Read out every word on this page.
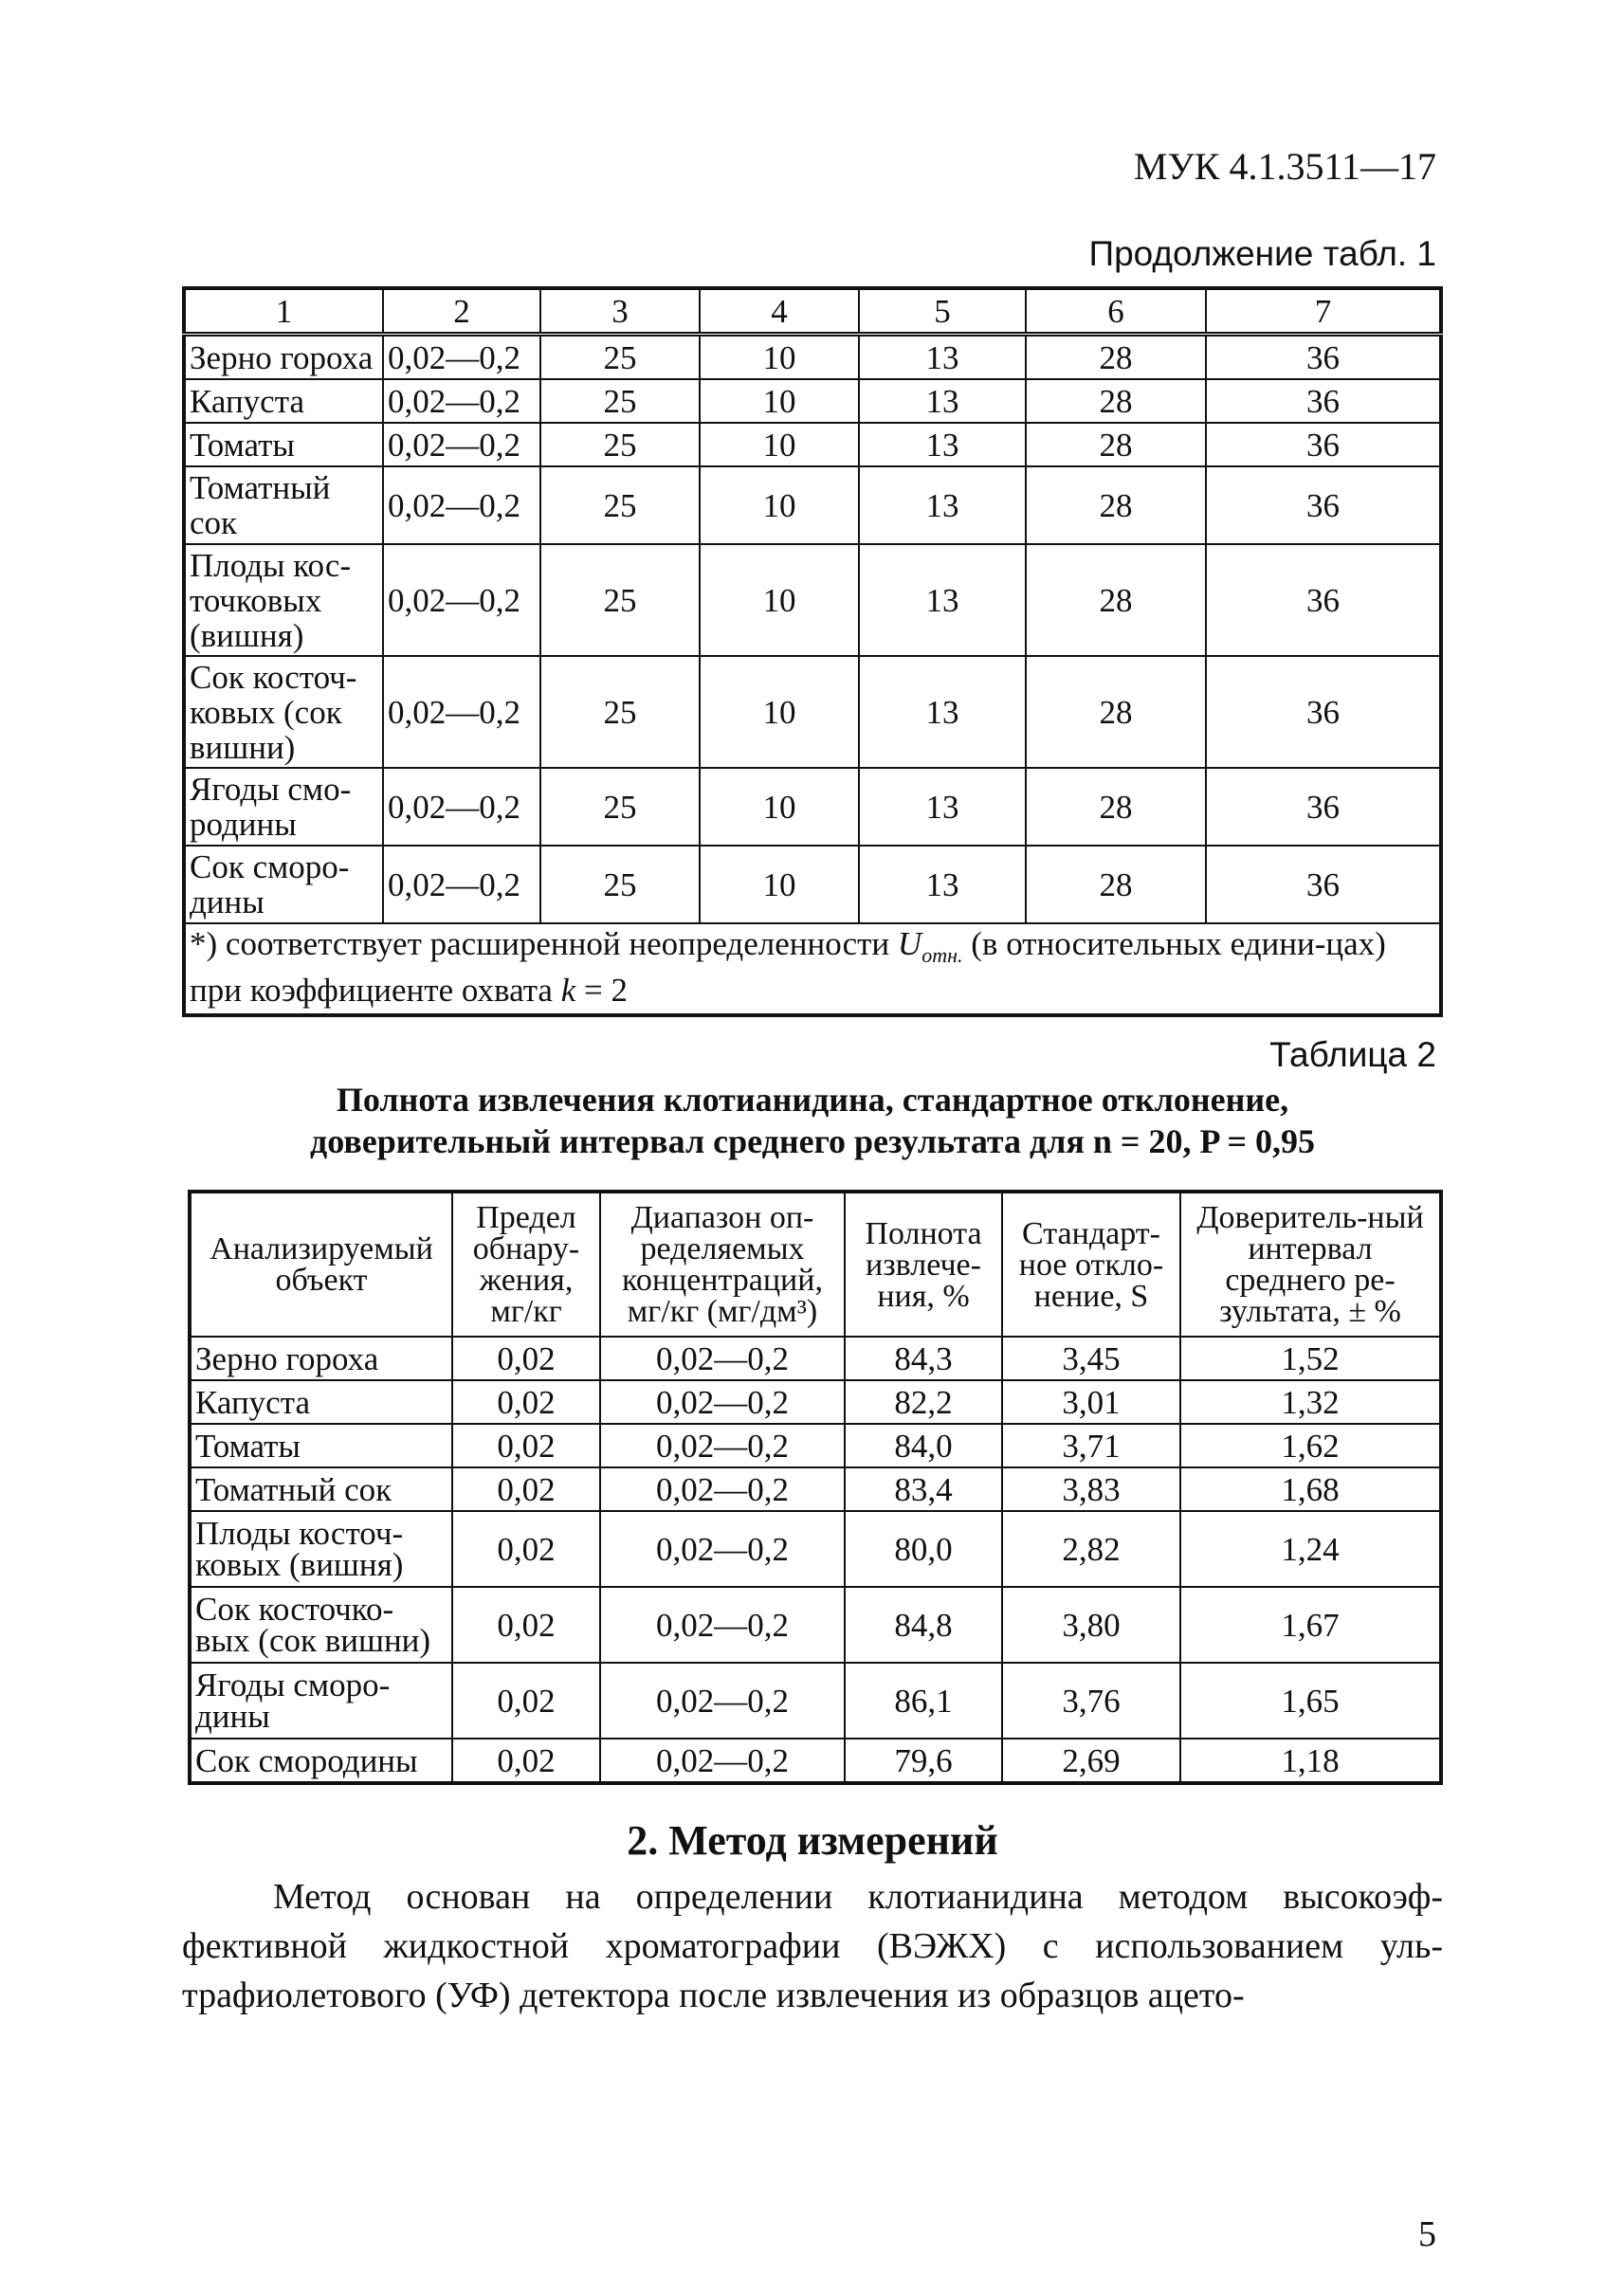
МУК 4.1.3511—17
Продолжение табл. 1
1	2	3	4	5	6	7
Зерно гороха	0,02—0,2	25	10	13	28	36
Капуста	0,02—0,2	25	10	13	28	36
Томаты	0,02—0,2	25	10	13	28	36
Томатный сок	0,02—0,2	25	10	13	28	36
Плоды кос-точковых (вишня)	0,02—0,2	25	10	13	28	36
Сок косточ-ковых (сок вишни)	0,02—0,2	25	10	13	28	36
Ягоды смо-родины	0,02—0,2	25	10	13	28	36
Сок сморо-дины	0,02—0,2	25	10	13	28	36
*) соответствует расширенной неопределенности $U_{отн.}$ (в относительных едини-цах) при коэффициенте охвата k = 2						
Таблица 2
Полнота извлечения клотианидина, стандартное отклонение,
доверительный интервал среднего результата для n = 20, P = 0,95
Анализируемый объект	Предел обнару-жения, мг/кг	Диапазон оп-ределяемых концентраций, мг/кг (мг/дм³)	Полнота извлече-ния, %	Стандарт-ное откло-нение, S	Доверитель-ный интервал среднего ре-зультата, ± %
Зерно гороха	0,02	0,02—0,2	84,3	3,45	1,52
Капуста	0,02	0,02—0,2	82,2	3,01	1,32
Томаты	0,02	0,02—0,2	84,0	3,71	1,62
Томатный сок	0,02	0,02—0,2	83,4	3,83	1,68
Плоды косточ-ковых (вишня)	0,02	0,02—0,2	80,0	2,82	1,24
Сок косточко-вых (сок вишни)	0,02	0,02—0,2	84,8	3,80	1,67
Ягоды сморо-дины	0,02	0,02—0,2	86,1	3,76	1,65
Сок смородины	0,02	0,02—0,2	79,6	2,69	1,18
2. Метод измерений
Метод основан на определении клотианидина методом высокоэф-фективной жидкостной хроматографии (ВЭЖХ) с использованием уль-трафиолетового (УФ) детектора после извлечения из образцов ацето-
5
